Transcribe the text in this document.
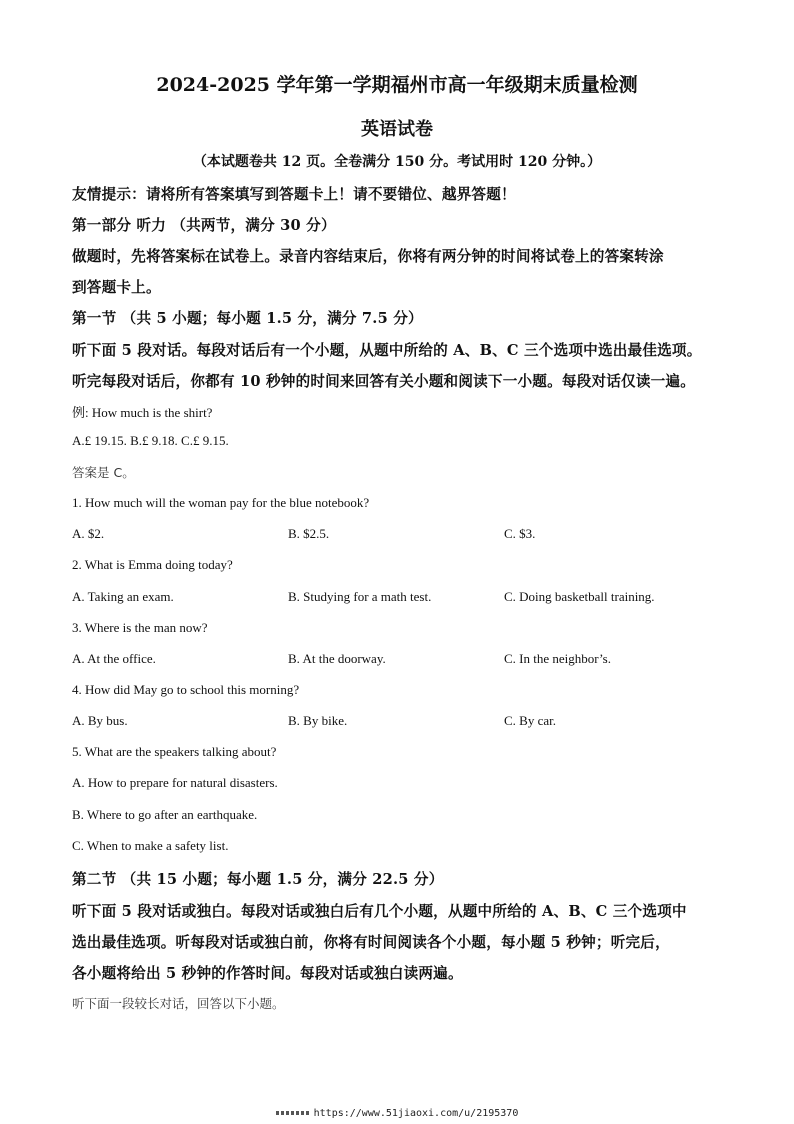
2024-2025 学年第一学期福州市高一年级期末质量检测
英语试卷
（本试题卷共 12 页。全卷满分 150 分。考试用时 120 分钟。）
友情提示：请将所有答案填写到答题卡上！请不要错位、越界答题！
第一部分 听力 （共两节，满分 30 分）
做题时，先将答案标在试卷上。录音内容结束后，你将有两分钟的时间将试卷上的答案转涂
到答题卡上。
第一节 （共 5 小题；每小题 1.5 分，满分 7.5 分）
听下面 5 段对话。每段对话后有一个小题，从题中所给的 A、B、C 三个选项中选出最佳选项。
听完每段对话后，你都有 10 秒钟的时间来回答有关小题和阅读下一小题。每段对话仅读一遍。
例: How much is the shirt?
A.£ 19.15. B.£ 9.18. C.£ 9.15.
答案是 C。
1. How much will the woman pay for the blue notebook?
A. $2.	B. $2.5.	C. $3.
2. What is Emma doing today?
A. Taking an exam.	B. Studying for a math test.	C. Doing basketball training.
3. Where is the man now?
A. At the office.	B. At the doorway.	C. In the neighbor’s.
4. How did May go to school this morning?
A. By bus.	B. By bike.	C. By car.
5. What are the speakers talking about?
A. How to prepare for natural disasters.
B. Where to go after an earthquake.
C. When to make a safety list.
第二节 （共 15 小题；每小题 1.5 分，满分 22.5 分）
听下面 5 段对话或独白。每段对话或独白后有几个小题，从题中所给的 A、B、C 三个选项中
选出最佳选项。听每段对话或独白前，你将有时间阅读各个小题，每小题 5 秒钟；听完后，
各小题将给出 5 秒钟的作答时间。每段对话或独白读两遍。
听下面一段较长对话，回答以下小题。
https://www.51jiaoxi.com/u/2195370
